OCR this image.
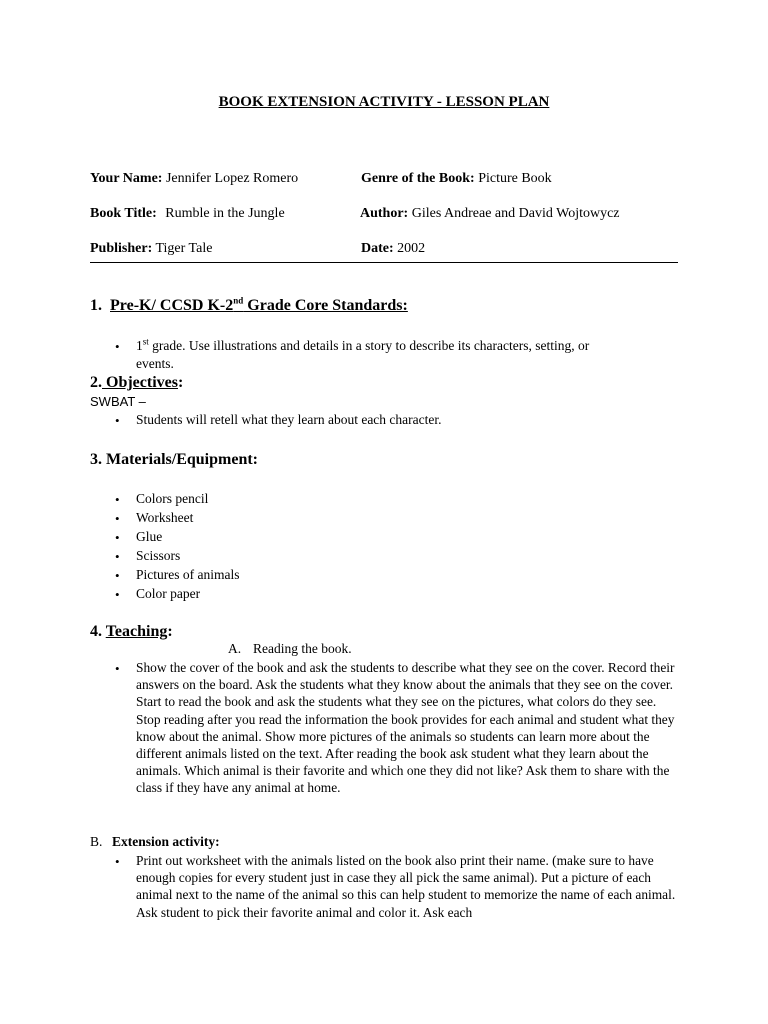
BOOK EXTENSION ACTIVITY - LESSON PLAN
Your Name: Jennifer Lopez Romero	Genre of the Book: Picture Book
Book Title: Rumble in the Jungle	Author: Giles Andreae and David Wojtowycz
Publisher: Tiger Tale	Date: 2002
1. Pre-K/ CCSD K-2nd Grade Core Standards:
• 1st grade. Use illustrations and details in a story to describe its characters, setting, or
events.
2. Objectives:
SWBAT –
• Students will retell what they learn about each character.
3. Materials/Equipment:
• Colors pencil
• Worksheet
• Glue
• Scissors
• Pictures of animals
• Color paper
4. Teaching:
A. Reading the book.
• Show the cover of the book and ask the students to describe what they see on the cover. Record their answers on the board. Ask the students what they know about the animals that they see on the cover. Start to read the book and ask the students what they see on the pictures, what colors do they see. Stop reading after you read the information the book provides for each animal and student what they know about the animal. Show more pictures of the animals so students can learn more about the different animals listed on the text. After reading the book ask student what they learn about the animals. Which animal is their favorite and which one they did not like? Ask them to share with the class if they have any animal at home.
B. Extension activity:
• Print out worksheet with the animals listed on the book also print their name. (make sure to have enough copies for every student just in case they all pick the same animal). Put a picture of each animal next to the name of the animal so this can help student to memorize the name of each animal. Ask student to pick their favorite animal and color it. Ask each
